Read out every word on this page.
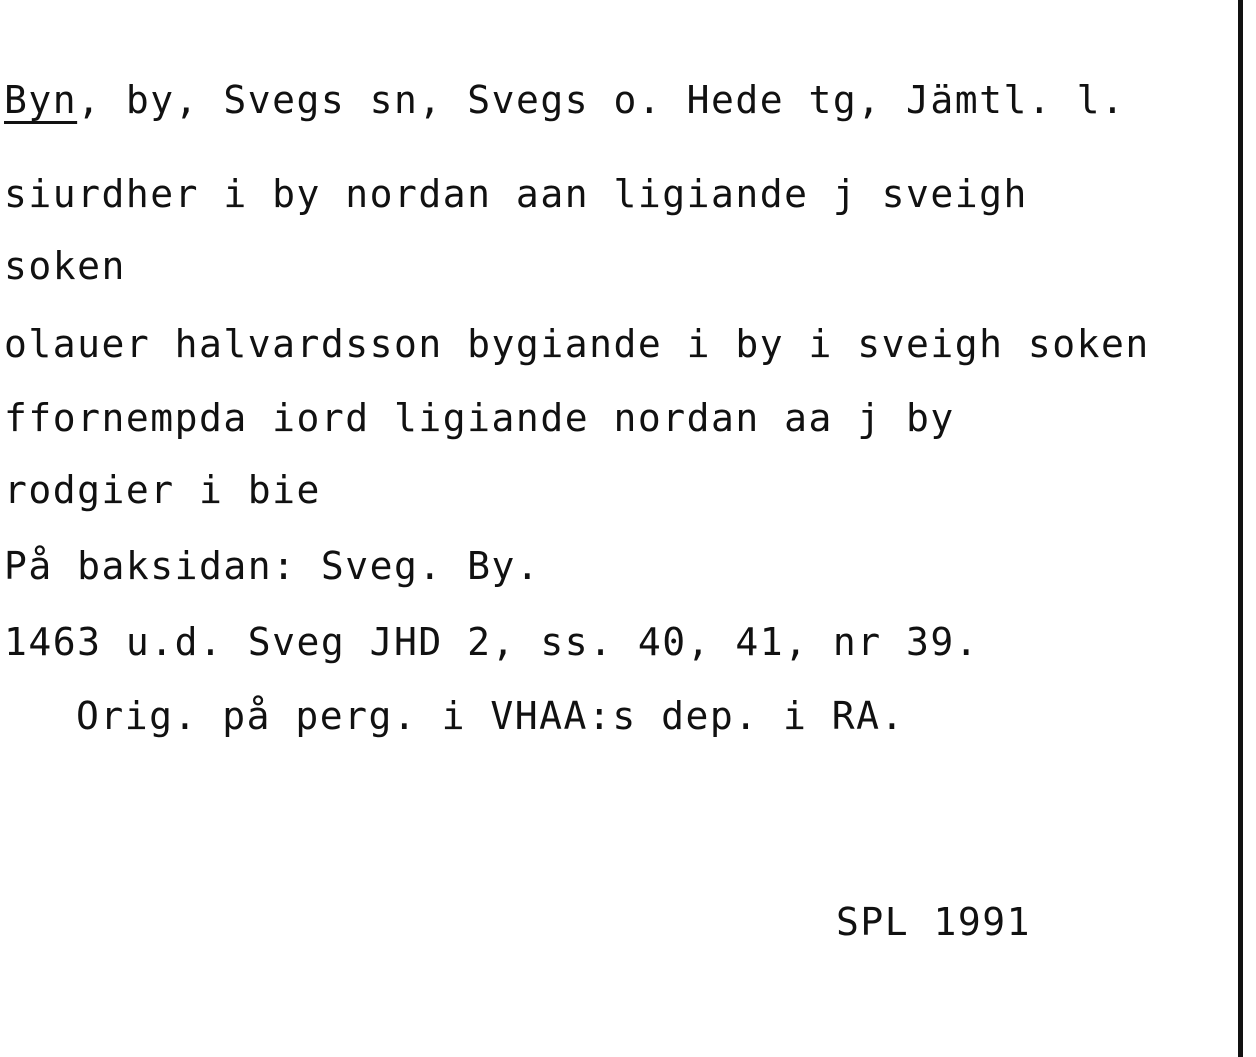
Byn, by, Svegs sn, Svegs o. Hede tg, Jämtl. l.
siurdher i by nordan aan ligiande j sveigh
soken
olauer halvardsson bygiande i by i sveigh soken
ffornempda iord ligiande nordan aa j by
rodgier i bie
På baksidan: Sveg. By.
1463 u.d. Sveg JHD 2, ss. 40, 41, nr 39.
Orig. på perg. i VHAA:s dep. i RA.
SPL 1991
